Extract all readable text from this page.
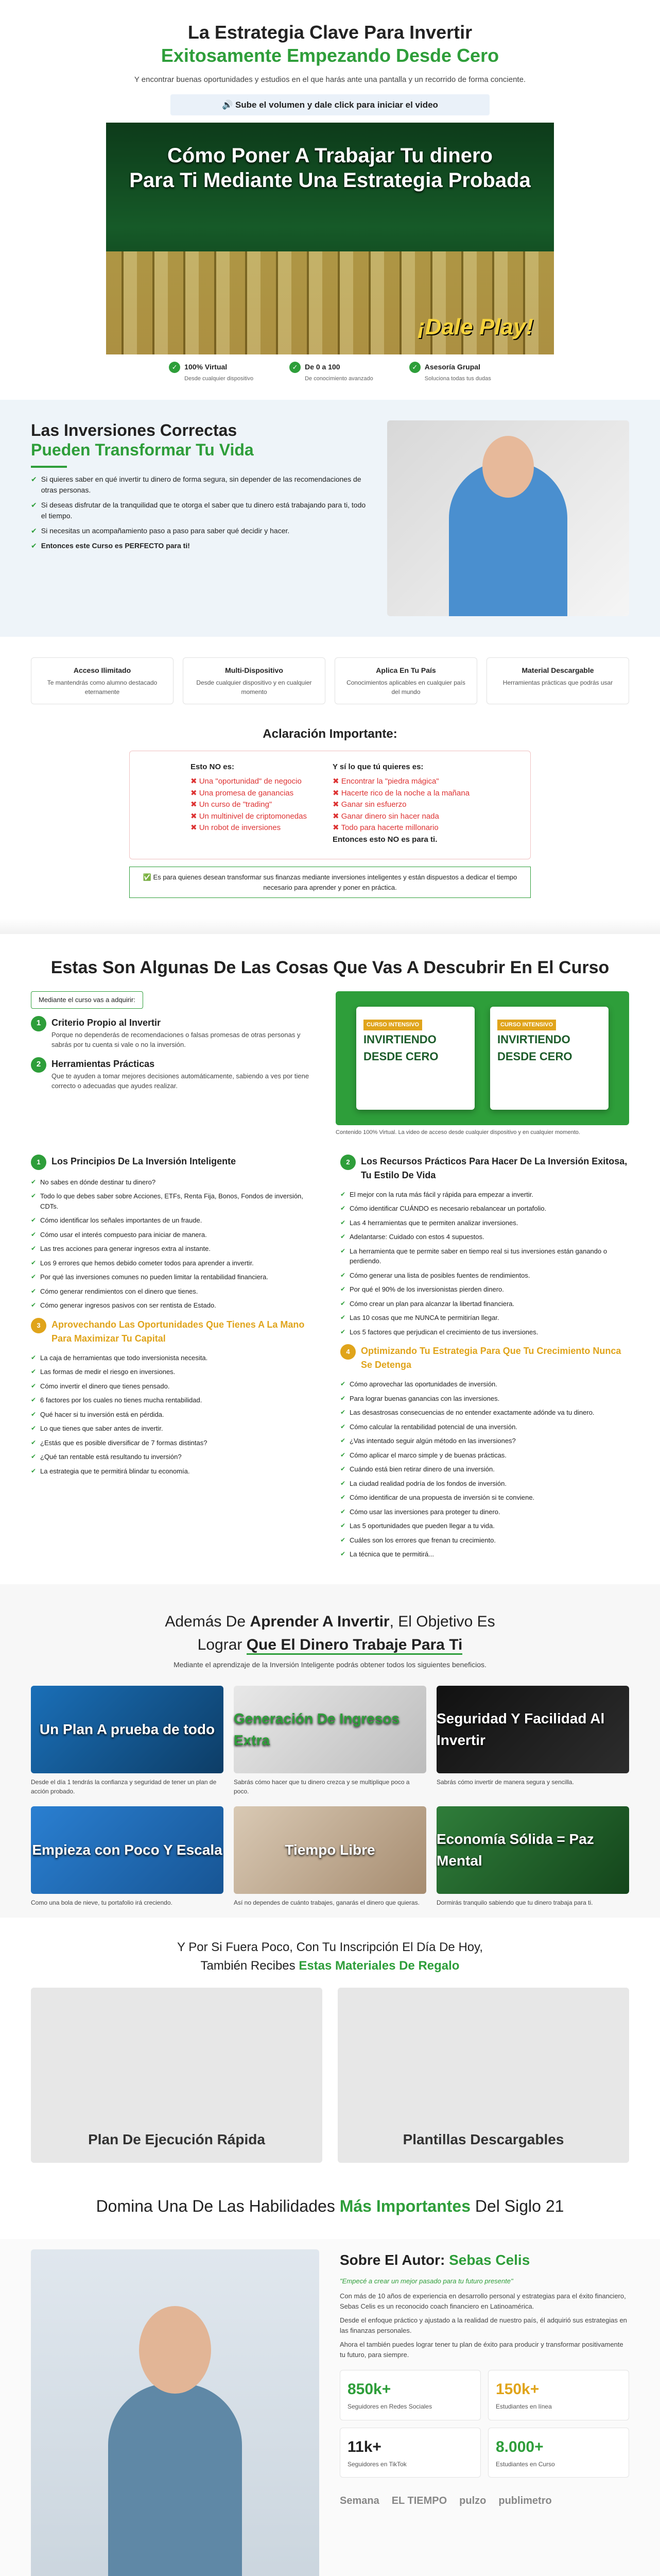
La Estrategia Clave Para Invertir
Exitosamente Empezando Desde Cero

Y encontrar buenas oportunidades y estudios en el que harás ante una pantalla y un recorrido de forma conciente.

🔊 Sube el volumen y dale click para iniciar el video
Cómo Poner A Trabajar Tu dinero
Para Ti Mediante Una Estrategia Probada
¡Dale Play!
✓ 100% Virtual
Desde cualquier dispositivo
✓ De 0 a 100
De conocimiento avanzado
✓ Asesoría Grupal
Soluciona todas tus dudas
Las Inversiones Correctas
Pueden Transformar Tu Vida
✔ Si quieres saber en qué invertir tu dinero de forma segura, sin depender de las recomendaciones de otras personas.
✔ Si deseas disfrutar de la tranquilidad que te otorga el saber que tu dinero está trabajando para ti, todo el tiempo.
✔ Si necesitas un acompañamiento paso a paso para saber qué decidir y hacer.
✔ Entonces este Curso es PERFECTO para ti!
Acceso Ilimitado
Te mantendrás como alumno destacado eternamente
Multi-Dispositivo
Desde cualquier dispositivo y en cualquier momento
Aplica En Tu País
Conocimientos aplicables en cualquier país del mundo
Material Descargable
Herramientas prácticas que podrás usar
Aclaración Importante:
Esto NO es:
✖ Una "oportunidad" de negocio
✖ Una promesa de ganancias
✖ Un curso de "trading"
✖ Un multinivel de criptomonedas
✖ Un robot de inversiones
Y sí lo que tú quieres es:
✖ Encontrar la "piedra mágica"
✖ Hacerte rico de la noche a la mañana
✖ Ganar sin esfuerzo
✖ Ganar dinero sin hacer nada
✖ Todo para hacerte millonario
Entonces esto NO es para ti.
✅ Es para quienes desean transformar sus finanzas mediante inversiones inteligentes y están dispuestos a dedicar el tiempo necesario para aprender y poner en práctica.
Estas Son Algunas De Las Cosas Que Vas A Descubrir En El Curso
Mediante el curso vas a adquirir:
1	Criterio Propio al Invertir

Porque no dependerás de recomendaciones o falsas promesas de otras personas y sabrás por tu cuenta si vale o no la inversión.

2	Herramientas Prácticas

Que te ayuden a tomar mejores decisiones automáticamente, sabiendo a ves por tiene correcto o adecuadas que ayudes realizar.

CURSO INTENSIVO
INVIRTIENDO DESDE CERO
CURSO INTENSIVO
INVIRTIENDO DESDE CERO
Contenido 100% Virtual. La video de acceso desde cualquier dispositivo y en cualquier momento.
1	Los Principios De La Inversión Inteligente
✔ No sabes en dónde destinar tu dinero?
✔ Todo lo que debes saber sobre Acciones, ETFs, Renta Fija, Bonos, Fondos de inversión, CDTs.
✔ Cómo identificar los señales importantes de un fraude.
✔ Cómo usar el interés compuesto para iniciar de manera.
✔ Las tres acciones para generar ingresos extra al instante.
✔ Los 9 errores que hemos debido cometer todos para aprender a invertir.
✔ Por qué las inversiones comunes no pueden limitar la rentabilidad financiera.
✔ Cómo generar rendimientos con el dinero que tienes.
✔ Cómo generar ingresos pasivos con ser rentista de Estado.
3	Aprovechando Las Oportunidades Que Tienes A La Mano Para Maximizar Tu Capital
✔ La caja de herramientas que todo inversionista necesita.
✔ Las formas de medir el riesgo en inversiones.
✔ Cómo invertir el dinero que tienes pensado.
✔ 6 factores por los cuales no tienes mucha rentabilidad.
✔ Qué hacer si tu inversión está en pérdida.
✔ Lo que tienes que saber antes de invertir.
✔ ¿Estás que es posible diversificar de 7 formas distintas?
✔ ¿Qué tan rentable está resultando tu inversión?
✔ La estrategia que te permitirá blindar tu economía.
2	Los Recursos Prácticos Para Hacer De La Inversión Exitosa, Tu Estilo De Vida
✔ El mejor con la ruta más fácil y rápida para empezar a invertir.
✔ Cómo identificar CUÁNDO es necesario rebalancear un portafolio.
✔ Las 4 herramientas que te permiten analizar inversiones.
✔ Adelantarse: Cuidado con estos 4 supuestos.
✔ La herramienta que te permite saber en tiempo real si tus inversiones están ganando o perdiendo.
✔ Cómo generar una lista de posibles fuentes de rendimientos.
✔ Por qué el 90% de los inversionistas pierden dinero.
✔ Cómo crear un plan para alcanzar la libertad financiera.
✔ Las 10 cosas que me NUNCA te permitirían llegar.
✔ Los 5 factores que perjudican el crecimiento de tus inversiones.
4	Optimizando Tu Estrategia Para Que Tu Crecimiento Nunca Se Detenga
✔ Cómo aprovechar las oportunidades de inversión.
✔ Para lograr buenas ganancias con las inversiones.
✔ Las desastrosas consecuencias de no entender exactamente adónde va tu dinero.
✔ Cómo calcular la rentabilidad potencial de una inversión.
✔ ¿Vas intentado seguir algún método en las inversiones?
✔ Cómo aplicar el marco simple y de buenas prácticas.
✔ Cuándo está bien retirar dinero de una inversión.
✔ La ciudad realidad podría de los fondos de inversión.
✔ Cómo identificar de una propuesta de inversión si te conviene.
✔ Cómo usar las inversiones para proteger tu dinero.
✔ Las 5 oportunidades que pueden llegar a tu vida.
✔ Cuáles son los errores que frenan tu crecimiento.
✔ La técnica que te permitirá...
Además De Aprender A Invertir, El Objetivo Es
Lograr Que El Dinero Trabaje Para Ti

Mediante el aprendizaje de la Inversión Inteligente podrás obtener todos los siguientes beneficios.

Un Plan A prueba de todo

Desde el día 1 tendrás la confianza y seguridad de tener un plan de acción probado.

Generación De Ingresos Extra

Sabrás cómo hacer que tu dinero crezca y se multiplique poco a poco.

Seguridad Y Facilidad Al Invertir

Sabrás cómo invertir de manera segura y sencilla.

Empieza con Poco Y Escala

Como una bola de nieve, tu portafolio irá creciendo.

Tiempo Libre

Así no dependes de cuánto trabajes, ganarás el dinero que quieras.

Economía Sólida = Paz Mental

Dormirás tranquilo sabiendo que tu dinero trabaja para ti.

Y Por Si Fuera Poco, Con Tu Inscripción El Día De Hoy,
También Recibes Estas Materiales De Regalo
Plan De Ejecución Rápida	Plantillas Descargables
Domina Una De Las Habilidades Más Importantes Del Siglo 21
Sobre El Autor: Sebas Celis

"Empecé a crear un mejor pasado para tu futuro presente"

Con más de 10 años de experiencia en desarrollo personal y estrategias para el éxito financiero, Sebas Celis es un reconocido coach financiero en Latinoamérica.

Desde el enfoque práctico y ajustado a la realidad de nuestro país, él adquirió sus estrategias en las finanzas personales.

Ahora el también puedes lograr tener tu plan de éxito para producir y transformar positivamente tu futuro, para siempre.

850k+
Seguidores en Redes Sociales
150k+
Estudiantes en línea
11k+
Seguidores en TikTok
8.000+
Estudiantes en Curso
Semana EL TIEMPO pulzo publimetro
